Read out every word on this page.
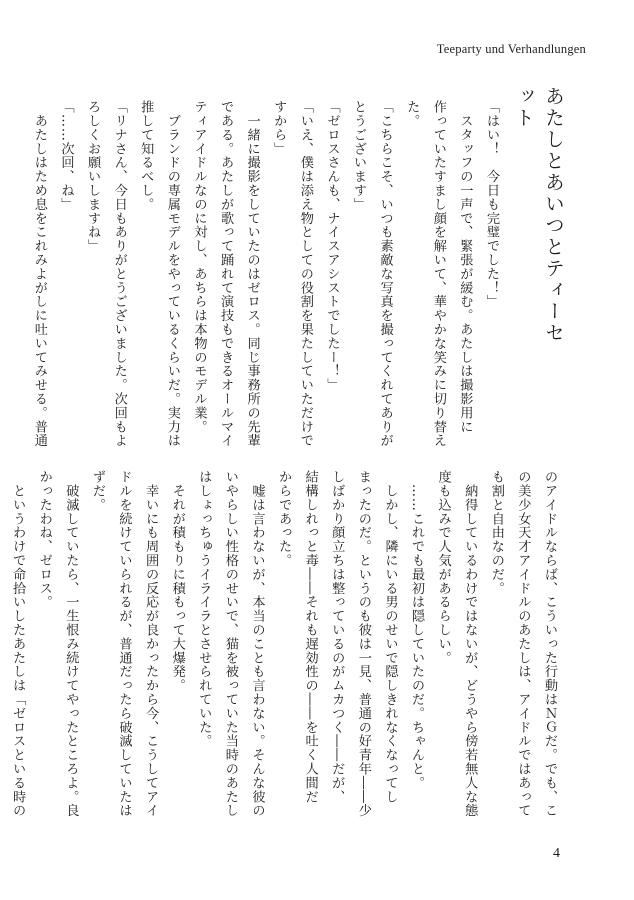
Teeparty und Verhandlungen
あたしとあいつとティーセット
「はい！　今日も完璧でした！」
　スタッフの一声で、緊張が緩む。あたしは撮影用に
作っていたすまし顔を解いて、華やかな笑みに切り替え
た。
「こちらこそ、いつも素敵な写真を撮ってくれてありが
とうございます」
「ゼロスさんも、ナイスアシストでしたー！」
「いえ、僕は添え物としての役割を果たしていただけで
すから」
　一緒に撮影をしていたのはゼロス。同じ事務所の先輩
である。あたしが歌って踊れて演技もできるオールマイ
ティアイドルなのに対し、あちらは本物のモデル業。
　ブランドの専属モデルをやっているくらいだ。実力は
推して知るべし。
「リナさん、今日もありがとうございました。次回もよ
ろしくお願いしますね」
「……次回、ね」
　あたしはため息をこれみよがしに吐いてみせる。普通
のアイドルならば、こういった行動はＮＧだ。でも、こ
の美少女天才アイドルのあたしは、アイドルではあって
も割と自由なのだ。
　納得しているわけではないが、どうやら傍若無人な態
度も込みで人気があるらしい。
　……これでも最初は隠していたのだ。ちゃんと。
　しかし、隣にいる男のせいで隠しきれなくなってし
まったのだ。というのも彼は一見、普通の好青年――少
しばかり顔立ちは整っているのがムカつく――だが、
結構しれっと毒――それも遅効性の――を吐く人間だ
からであった。
　嘘は言わないが、本当のことも言わない。そんな彼の
いやらしい性格のせいで、猫を被っていた当時のあたし
はしょっちゅうイライラとさせられていた。
　それが積もりに積もって大爆発。
　幸いにも周囲の反応が良かったから今、こうしてアイ
ドルを続けていられるが、普通だったら破滅していたは
ずだ。
　破滅していたら、一生恨み続けてやったところよ。良
かったわね、ゼロス。
　というわけで命拾いしたあたしは「ゼロスといる時の
4
